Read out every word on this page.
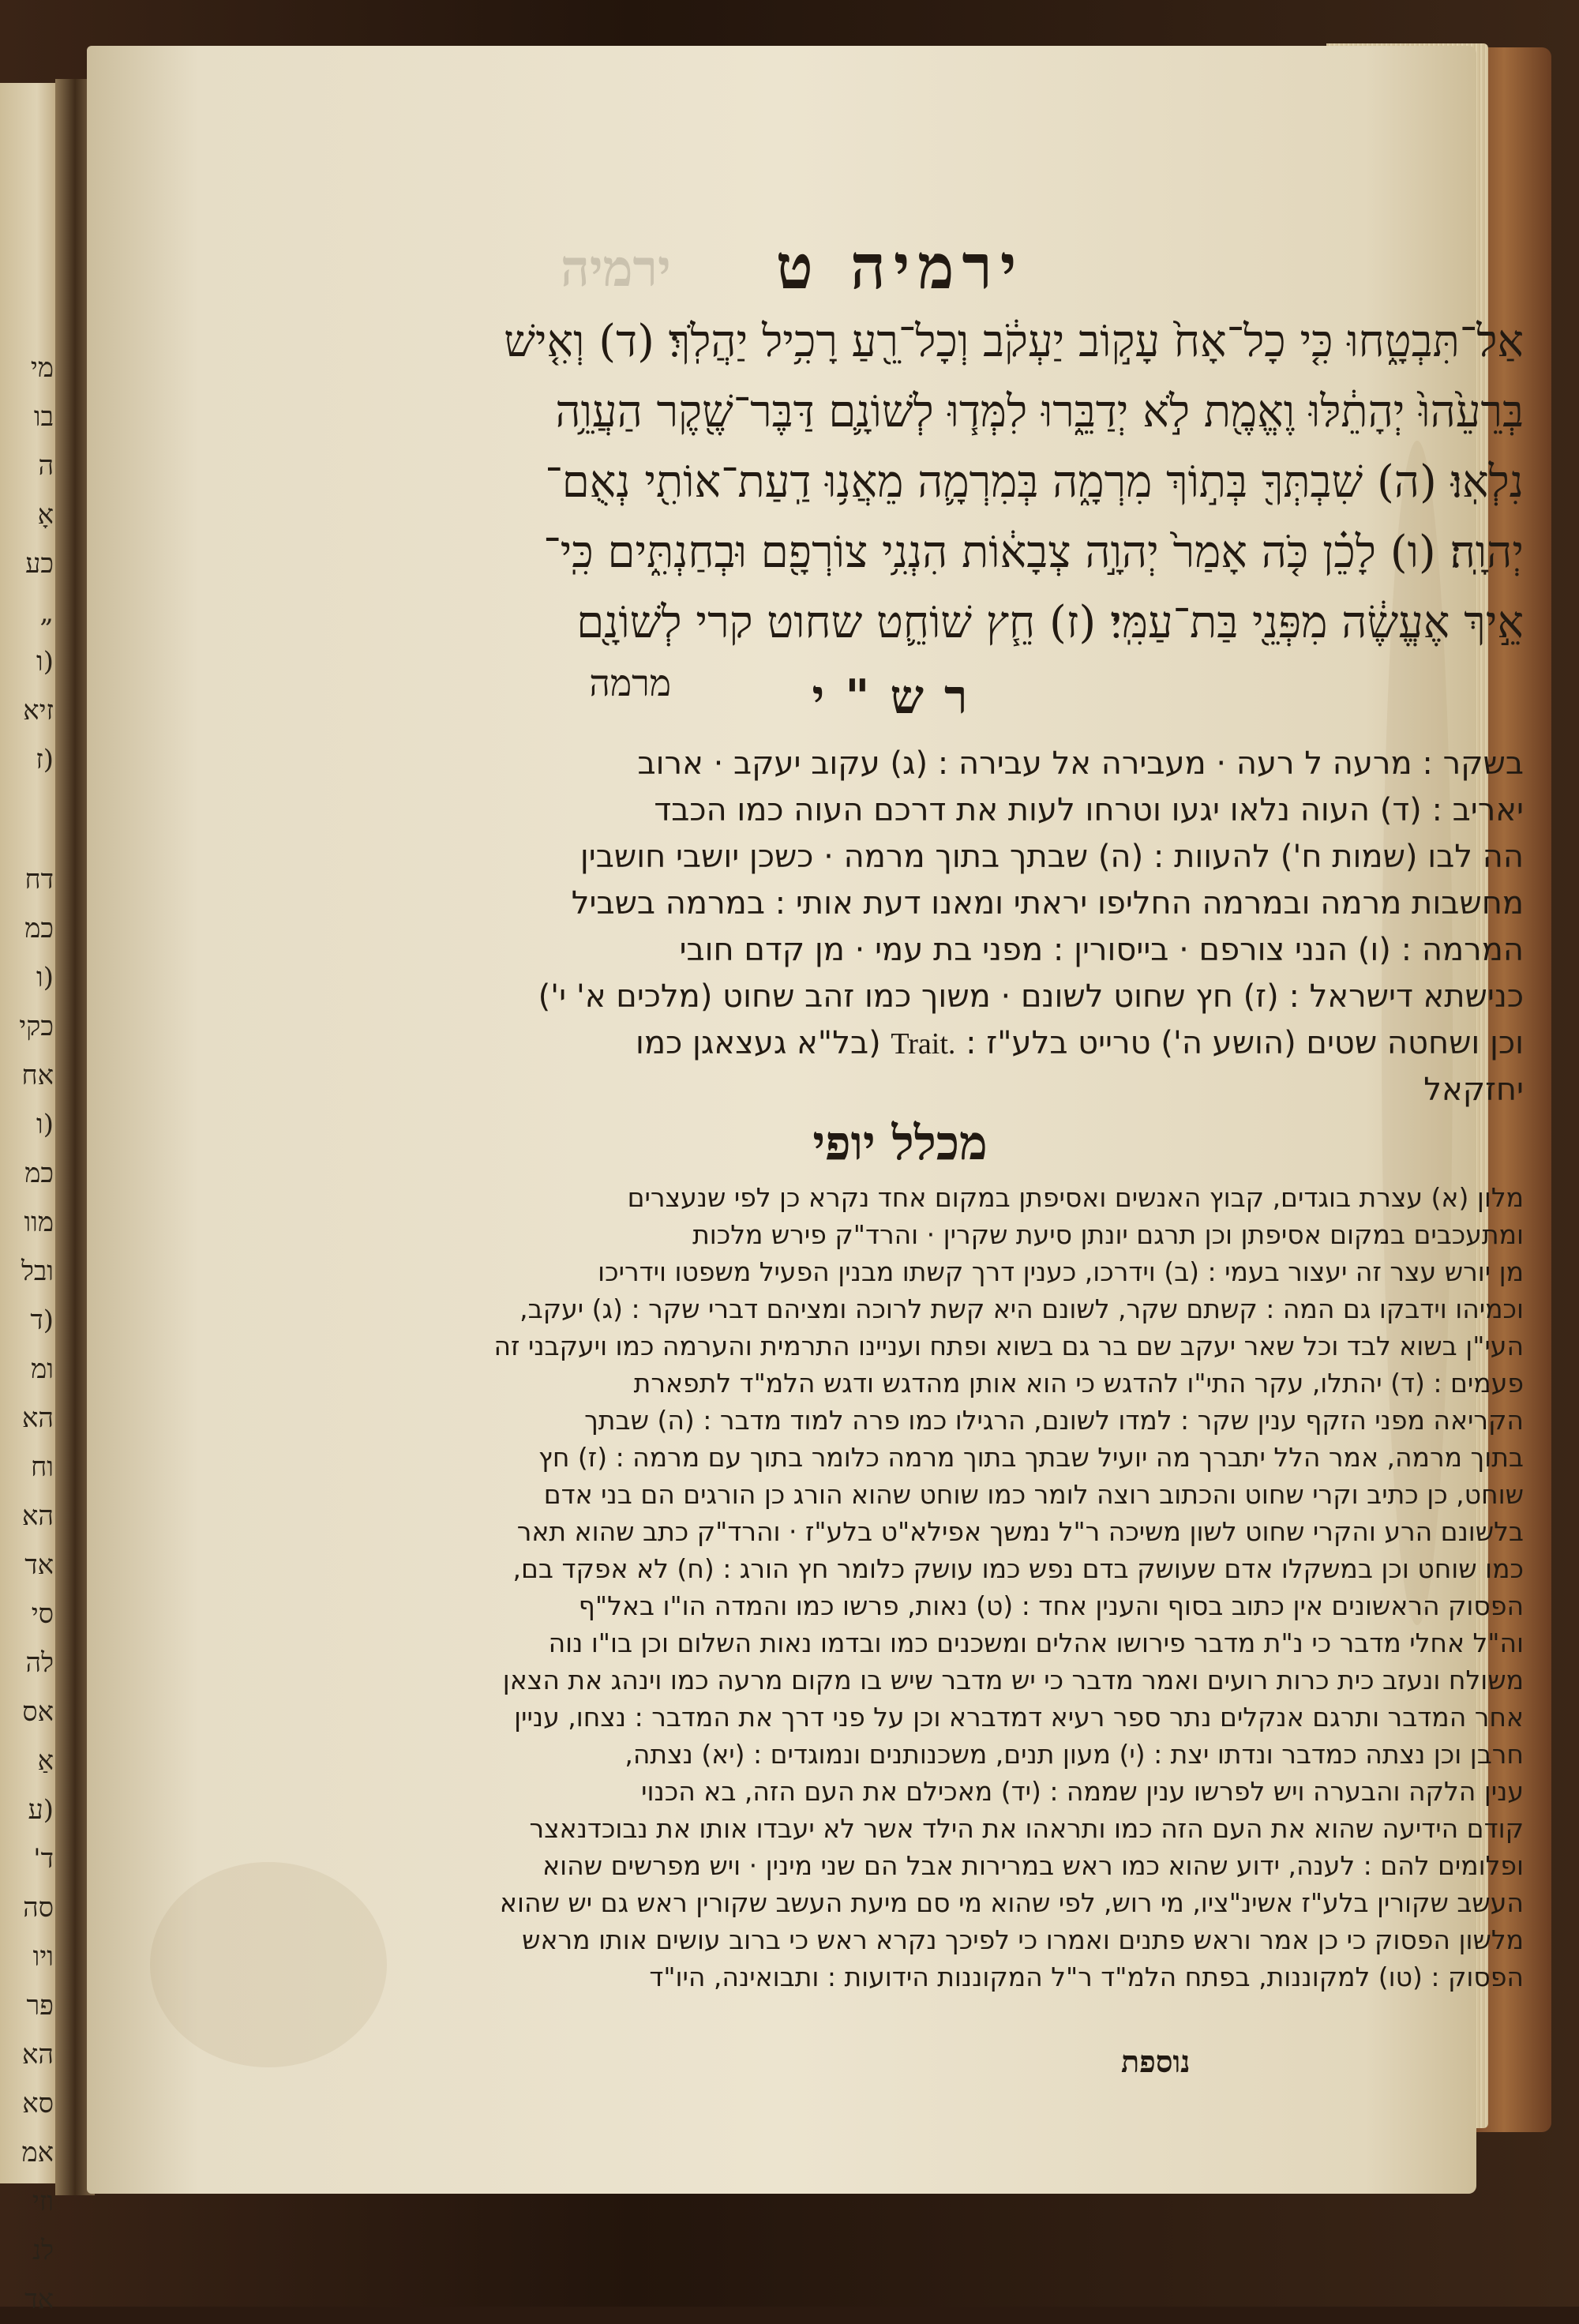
מי
בו
ה
אָ
כע
„
(ו
זיא
(ז
דח
כמ
(ו
כקי
אח
(ו
כמ
מוו
ובל
(ד
ומ
הא
וח
הא
אד
סי
לה
אס
אַ
(ע
ד'
סה
ויו
פר
הא
סא
אמ
וזי
לנ
אד
ירמיה	ירמיה ט
אַל־תִּבְטָ֑חוּ כִּ֤י כָל־אָח֙ עָק֣וֹב יַעְקֹ֔ב וְכָל־רֵ֖עַ רָכִ֥יל יַהֲלֹֽךְ׃ (ד) וְאִ֤ישׁ
בְּרֵעֵ֙הוּ֙ יְהָתֵ֔לּוּ וֶאֱמֶ֖ת לֹ֣א יְדַבֵּ֑רוּ לִמְּד֧וּ לְשׁוֹנָ֛ם דַּבֶּר־שֶׁ֖קֶר הַעֲוֵ֥ה
נִלְאֽוּ׃ (ה) שִׁבְתְּךָ֖ בְּת֣וֹךְ מִרְמָ֑ה בְּמִרְמָ֛ה מֵאֲנ֥וּ דַֽעַת־אוֹתִ֖י נְאֻם־
יְהוָֽה׃ (ו) לָכֵ֗ן כֹּ֤ה אָמַר֙ יְהוָ֣ה צְבָא֔וֹת הִנְנִ֥י צוֹרְפָ֖ם וּבְחַנְתִּ֑ים כִּֽי־
אֵ֣יךְ אֶעֱשֶׂ֔ה מִפְּנֵ֖י בַּת־עַמִּֽי׃ (ז) חֵ֧ץ שׁוֹחֵ֛ט שחוט קרי לְשׁוֹנָ֖ם
מרמה	רש"י
בשקר : מרעה ל רעה · מעבירה אל עבירה : (ג) עקוב יעקב · ארוב
יאריב : (ד) העוה נלאו יגעו וטרחו לעות את דרכם העוה כמו הכבד
הה לבו (שמות ח') להעוות : (ה) שבתך בתוך מרמה · כשכן יושבי חושבין
מחשבות מרמה ובמרמה החליפו יראתי ומאנו דעת אותי : במרמה בשביל
המרמה : (ו) הנני צורפם · בייסורין : מפני בת עמי · מן קדם חובי
כנישתא דישראל : (ז) חץ שחוט לשונם · משוך כמו זהב שחוט (מלכים א' י')
וכן ושחטה שטים (הושע ה') טרייט בלע"ז : Trait. (בל"א געצאגן כמו
יחזקאל
מכלל יופי
מלון (א) עצרת בוגדים, קבוץ האנשים ואסיפתן במקום אחד נקרא כן לפי שנעצרים
ומתעכבים במקום אסיפתן וכן תרגם יונתן סיעת שקרין · והרד"ק פירש מלכות
מן יורש עצר זה יעצור בעמי : (ב) וידרכו, כענין דרך קשתו מבנין הפעיל משפטו וידריכו
וכמיהו וידבקו גם המה : קשתם שקר, לשונם היא קשת לרוכה ומציהם דברי שקר : (ג) יעקב,
העי"ן בשוא לבד וכל שאר יעקב שם בר גם בשוא ופתח ועניינו התרמית והערמה כמו ויעקבני זה
פעמים : (ד) יהתלו, עקר התי"ו להדגש כי הוא אותן מהדגש ודגש הלמ"ד לתפארת
הקריאה מפני הזקף ענין שקר : למדו לשונם, הרגילו כמו פרה למוד מדבר : (ה) שבתך
בתוך מרמה, אמר הלל יתברך מה יועיל שבתך בתוך מרמה כלומר בתוך עם מרמה : (ז) חץ
שוחט, כן כתיב וקרי שחוט והכתוב רוצה לומר כמו שוחט שהוא הורג כן הורגים הם בני אדם
בלשונם הרע והקרי שחוט לשון משיכה ר"ל נמשך אפילא"ט בלע"ז · והרד"ק כתב שהוא תאר
כמו שוחט וכן במשקלו אדם שעושק בדם נפש כמו עושק כלומר חץ הורג : (ח) לא אפקד בם,
הפסוק הראשונים אין כתוב בסוף והענין אחד : (ט) נאות, פרשו כמו והמדה הו"ו באל"ף
וה"ל אחלי מדבר כי נ"ת מדבר פירושו אהלים ומשכנים כמו ובדמו נאות השלום וכן בו"ו נוה
משולח ונעזב כית כרות רועים ואמר מדבר כי יש מדבר שיש בו מקום מרעה כמו וינהג את הצאן
אחר המדבר ותרגם אנקלים נתר ספר רעיא דמדברא וכן על פני דרך את המדבר : נצחו, עניין
חרבן וכן נצתה כמדבר ונדתו יצת : (י) מעון תנים, משכנותנים ונמוגדים : (יא) נצתה,
ענין הלקה והבערה ויש לפרשו ענין שממה : (יד) מאכילם את העם הזה, בא הכנוי
קודם הידיעה שהוא את העם הזה כמו ותראהו את הילד אשר לא יעבדו אותו את נבוכדנאצר
ופלומים להם : לענה, ידוע שהוא כמו ראש במרירות אבל הם שני מינין · ויש מפרשים שהוא
העשב שקורין בלע"ז אשינ"ציו, מי רוש, לפי שהוא מי סם מיעת העשב שקורין ראש גם יש שהוא
מלשון הפסוק כי כן אמר וראש פתנים ואמרו כי לפיכך נקרא ראש כי ברוב עושים אותו מראש
הפסוק : (טו) למקוננות, בפתח הלמ"ד ר"ל המקוננות הידועות : ותבואינה, היו"ד
נוספת
